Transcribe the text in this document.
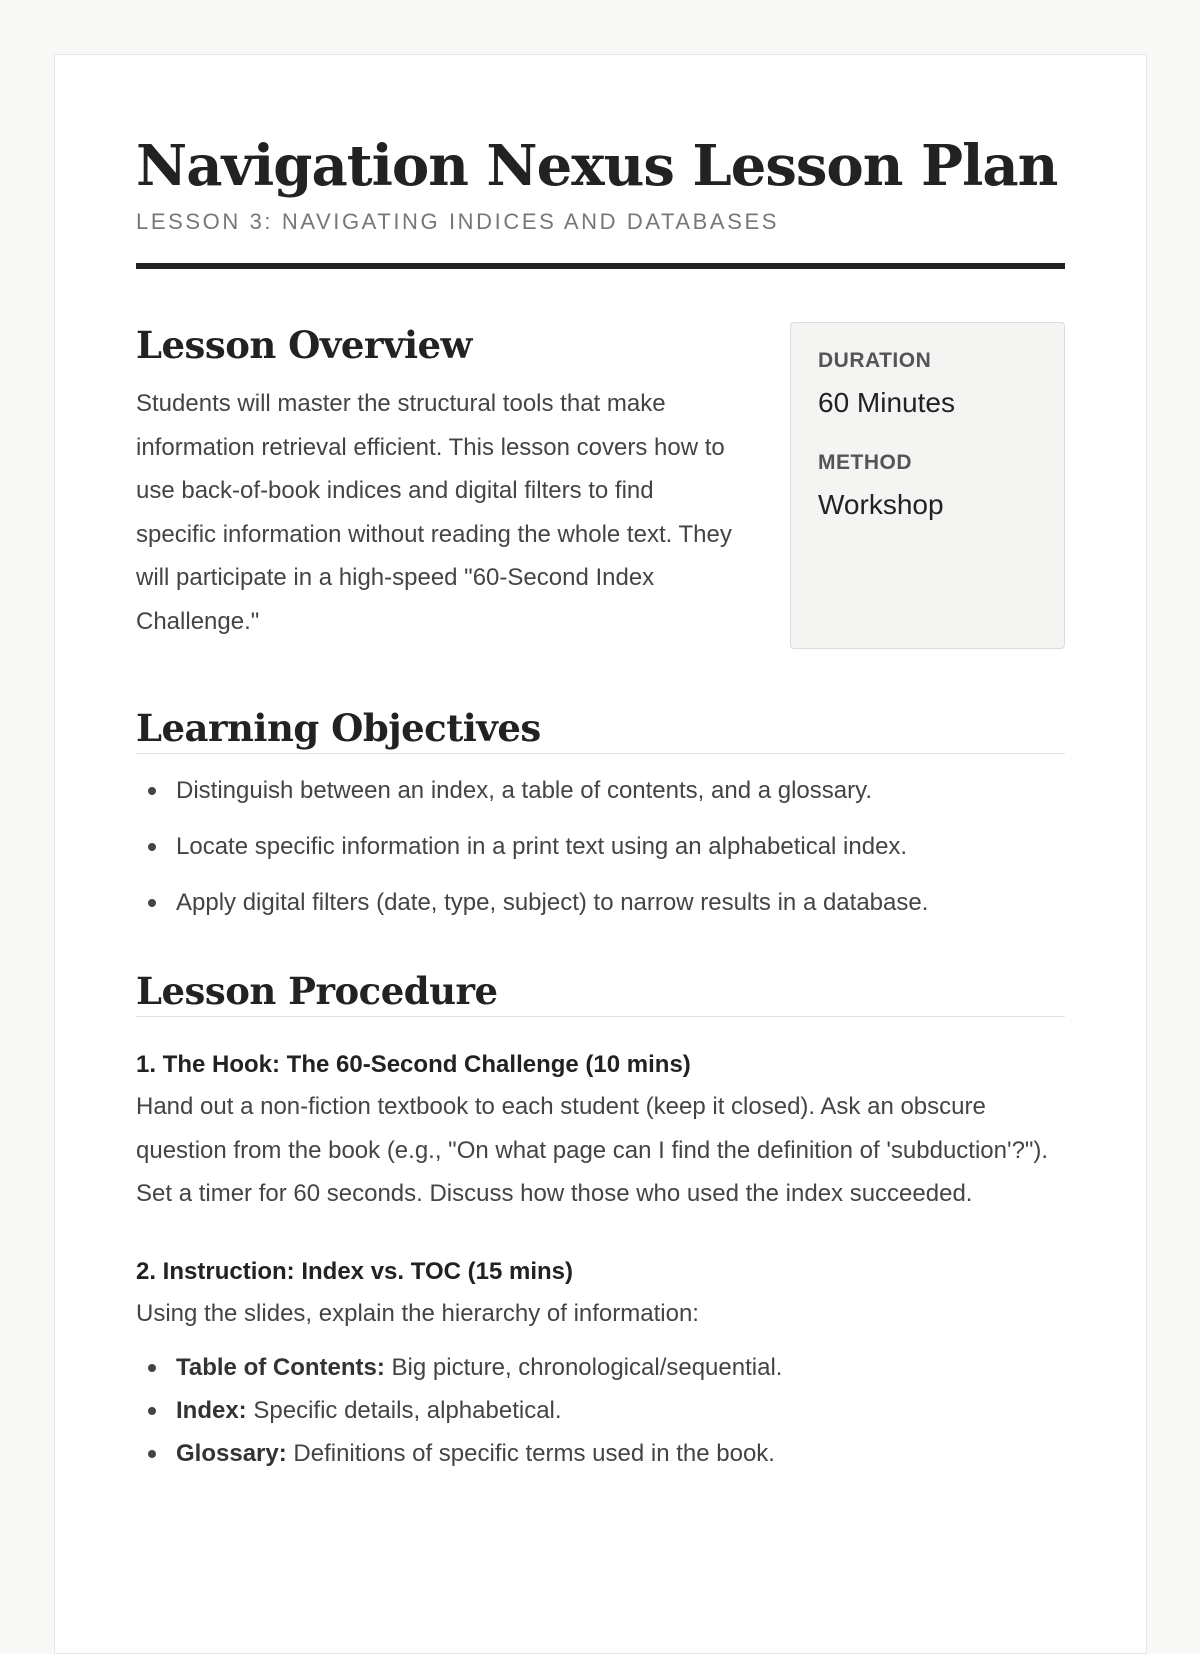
Navigation Nexus Lesson Plan
LESSON 3: NAVIGATING INDICES AND DATABASES
Lesson Overview

Students will master the structural tools that make information retrieval efficient. This lesson covers how to use back-of-book indices and digital filters to find specific information without reading the whole text. They will participate in a high-speed "60-Second Index Challenge."

DURATION
60 Minutes
METHOD
Workshop
Learning Objectives
Distinguish between an index, a table of contents, and a glossary.
Locate specific information in a print text using an alphabetical index.
Apply digital filters (date, type, subject) to narrow results in a database.
Lesson Procedure
1. The Hook: The 60-Second Challenge (10 mins)

Hand out a non-fiction textbook to each student (keep it closed). Ask an obscure question from the book (e.g., "On what page can I find the definition of 'subduction'?"). Set a timer for 60 seconds. Discuss how those who used the index succeeded.

2. Instruction: Index vs. TOC (15 mins)

Using the slides, explain the hierarchy of information:

Table of Contents: Big picture, chronological/sequential.
Index: Specific details, alphabetical.
Glossary: Definitions of specific terms used in the book.
